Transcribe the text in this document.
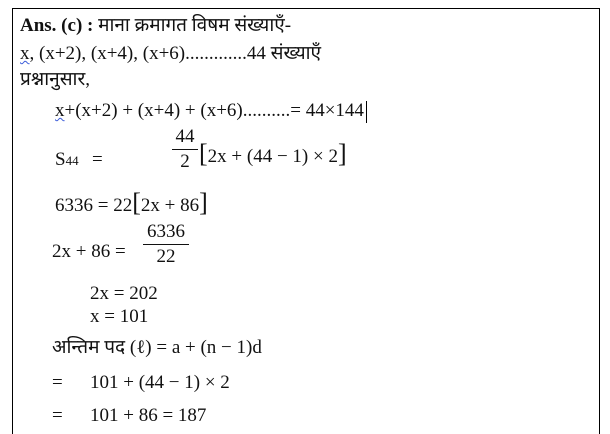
Ans. (c) : माना क्रमागत विषम संख्याएँ-
x, (x+2), (x+4), (x+6).............44 संख्याएँ
प्रश्नानुसार,
x+(x+2) + (x+4) + (x+6)..........= 44×144
S44 =
44
2 [2x + (44 − 1) × 2]
6336 = 22[2x + 86]
2x + 86 =
6336
22
2x = 202
x = 101
अन्तिम पद (ℓ) = a + (n − 1)d
= 101 + (44 − 1) × 2
= 101 + 86 = 187
